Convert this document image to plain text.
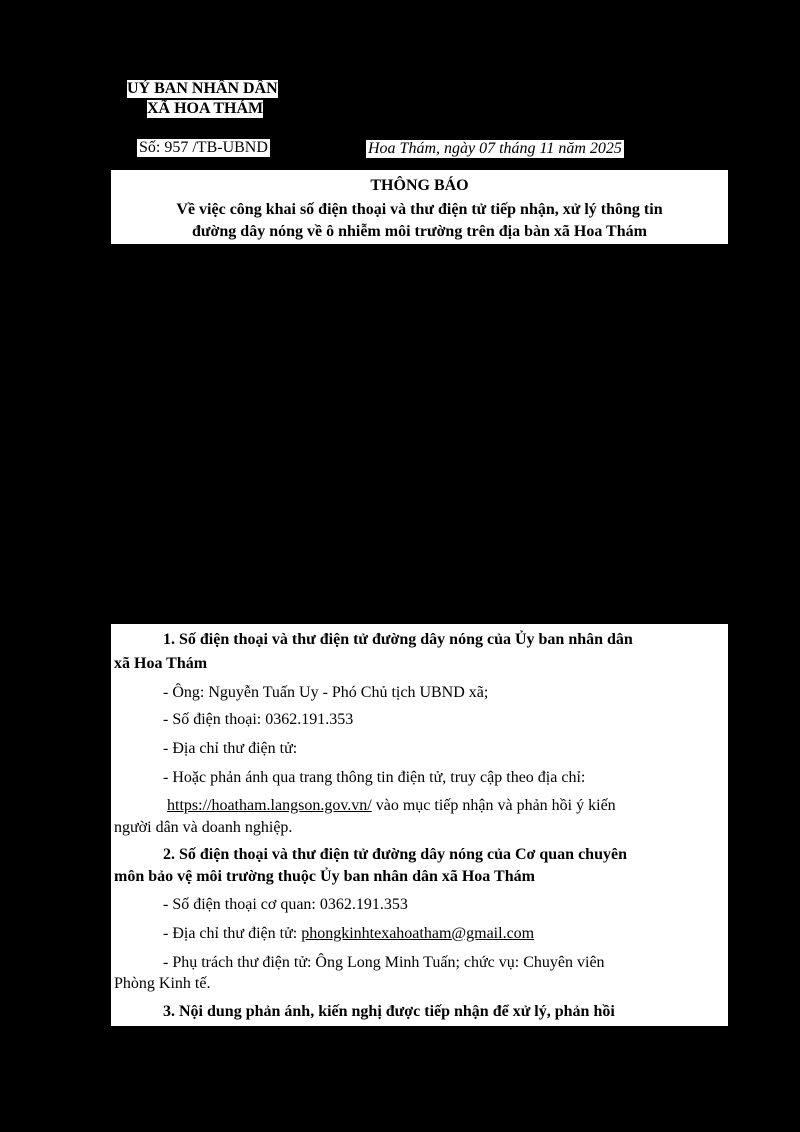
UỶ BAN NHÂN DÂN
XÃ HOA THÁM
Số: 957 /TB-UBND	Hoa Thám, ngày 07 tháng 11 năm 2025
THÔNG BÁO
Về việc công khai số điện thoại và thư điện tử tiếp nhận, xử lý thông tin
đường dây nóng về ô nhiễm môi trường trên địa bàn xã Hoa Thám
1. Số điện thoại và thư điện tử đường dây nóng của Ủy ban nhân dân
xã Hoa Thám
- Ông: Nguyễn Tuấn Uy - Phó Chủ tịch UBND xã;
- Số điện thoại: 0362.191.353
- Địa chỉ thư điện tử:
- Hoặc phản ánh qua trang thông tin điện tử, truy cập theo địa chỉ:
https://hoatham.langson.gov.vn/ vào mục tiếp nhận và phản hồi ý kiến
người dân và doanh nghiệp.
2. Số điện thoại và thư điện tử đường dây nóng của Cơ quan chuyên
môn bảo vệ môi trường thuộc Ủy ban nhân dân xã Hoa Thám
- Số điện thoại cơ quan: 0362.191.353
- Địa chỉ thư điện tử: phongkinhtexahoatham@gmail.com
- Phụ trách thư điện tử: Ông Long Minh Tuấn; chức vụ: Chuyên viên
Phòng Kinh tế.
3. Nội dung phản ánh, kiến nghị được tiếp nhận để xử lý, phản hồi
